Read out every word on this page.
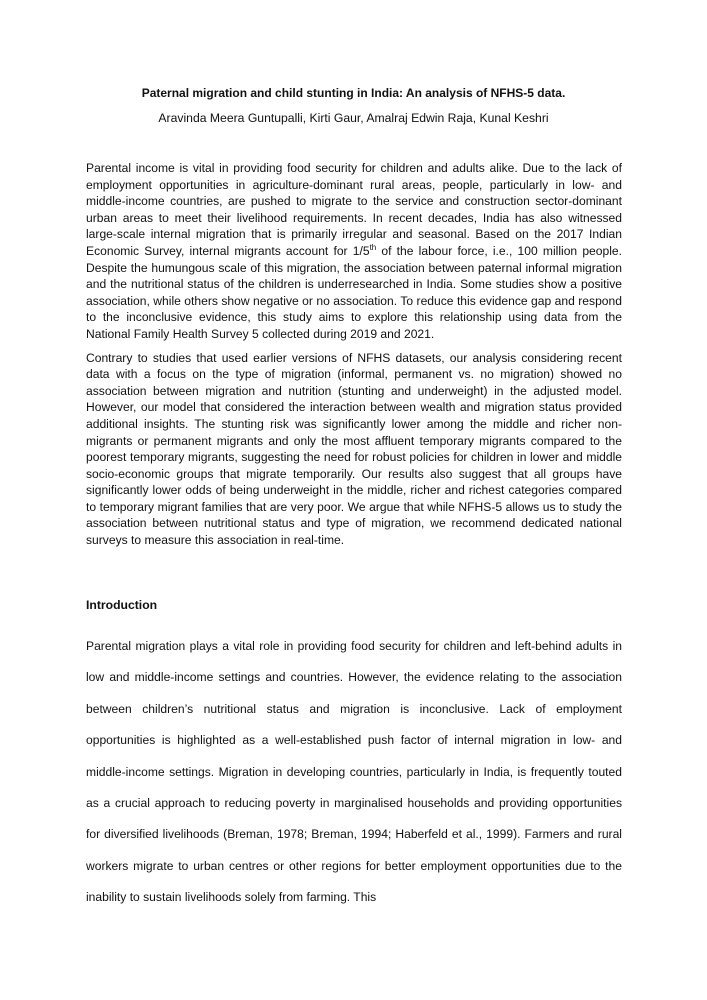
Paternal migration and child stunting in India: An analysis of NFHS-5 data.
Aravinda Meera Guntupalli, Kirti Gaur, Amalraj Edwin Raja, Kunal Keshri

Parental income is vital in providing food security for children and adults alike. Due to the lack of employment opportunities in agriculture-dominant rural areas, people, particularly in low- and middle-income countries, are pushed to migrate to the service and construction sector-dominant urban areas to meet their livelihood requirements. In recent decades, India has also witnessed large-scale internal migration that is primarily irregular and seasonal. Based on the 2017 Indian Economic Survey, internal migrants account for 1/5th of the labour force, i.e., 100 million people. Despite the humungous scale of this migration, the association between paternal informal migration and the nutritional status of the children is underresearched in India. Some studies show a positive association, while others show negative or no association. To reduce this evidence gap and respond to the inconclusive evidence, this study aims to explore this relationship using data from the National Family Health Survey 5 collected during 2019 and 2021.

Contrary to studies that used earlier versions of NFHS datasets, our analysis considering recent data with a focus on the type of migration (informal, permanent vs. no migration) showed no association between migration and nutrition (stunting and underweight) in the adjusted model. However, our model that considered the interaction between wealth and migration status provided additional insights. The stunting risk was significantly lower among the middle and richer non-migrants or permanent migrants and only the most affluent temporary migrants compared to the poorest temporary migrants, suggesting the need for robust policies for children in lower and middle socio-economic groups that migrate temporarily. Our results also suggest that all groups have significantly lower odds of being underweight in the middle, richer and richest categories compared to temporary migrant families that are very poor. We argue that while NFHS-5 allows us to study the association between nutritional status and type of migration, we recommend dedicated national surveys to measure this association in real-time.

Introduction

Parental migration plays a vital role in providing food security for children and left-behind adults in low and middle-income settings and countries. However, the evidence relating to the association between children’s nutritional status and migration is inconclusive. Lack of employment opportunities is highlighted as a well-established push factor of internal migration in low- and middle-income settings. Migration in developing countries, particularly in India, is frequently touted as a crucial approach to reducing poverty in marginalised households and providing opportunities for diversified livelihoods (Breman, 1978; Breman, 1994; Haberfeld et al., 1999). Farmers and rural workers migrate to urban centres or other regions for better employment opportunities due to the inability to sustain livelihoods solely from farming. This
